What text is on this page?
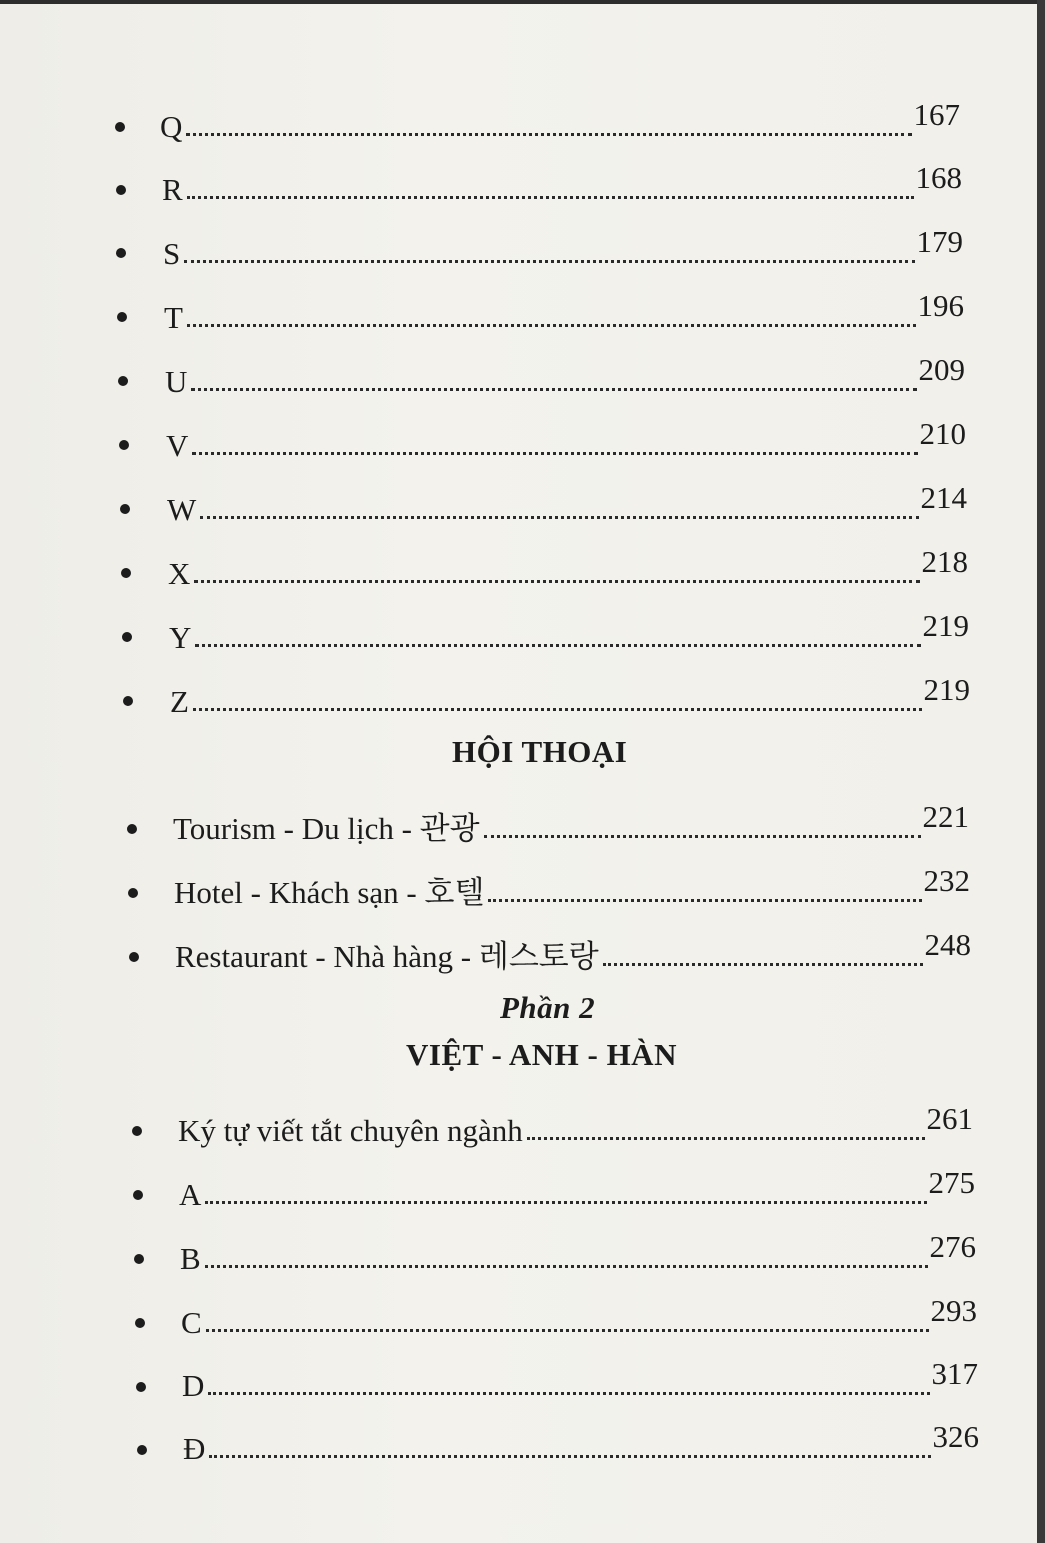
Q	167
R	168
S	179
T	196
U	209
V	210
W	214
X	218
Y	219
Z	219
HỘI THOẠI
Tourism - Du lịch - 관광	221
Hotel - Khách sạn - 호텔	232
Restaurant - Nhà hàng - 레스토랑	248
Phần 2
VIỆT - ANH - HÀN
Ký tự viết tắt chuyên ngành	261
A	275
B	276
C	293
D	317
Đ	326
